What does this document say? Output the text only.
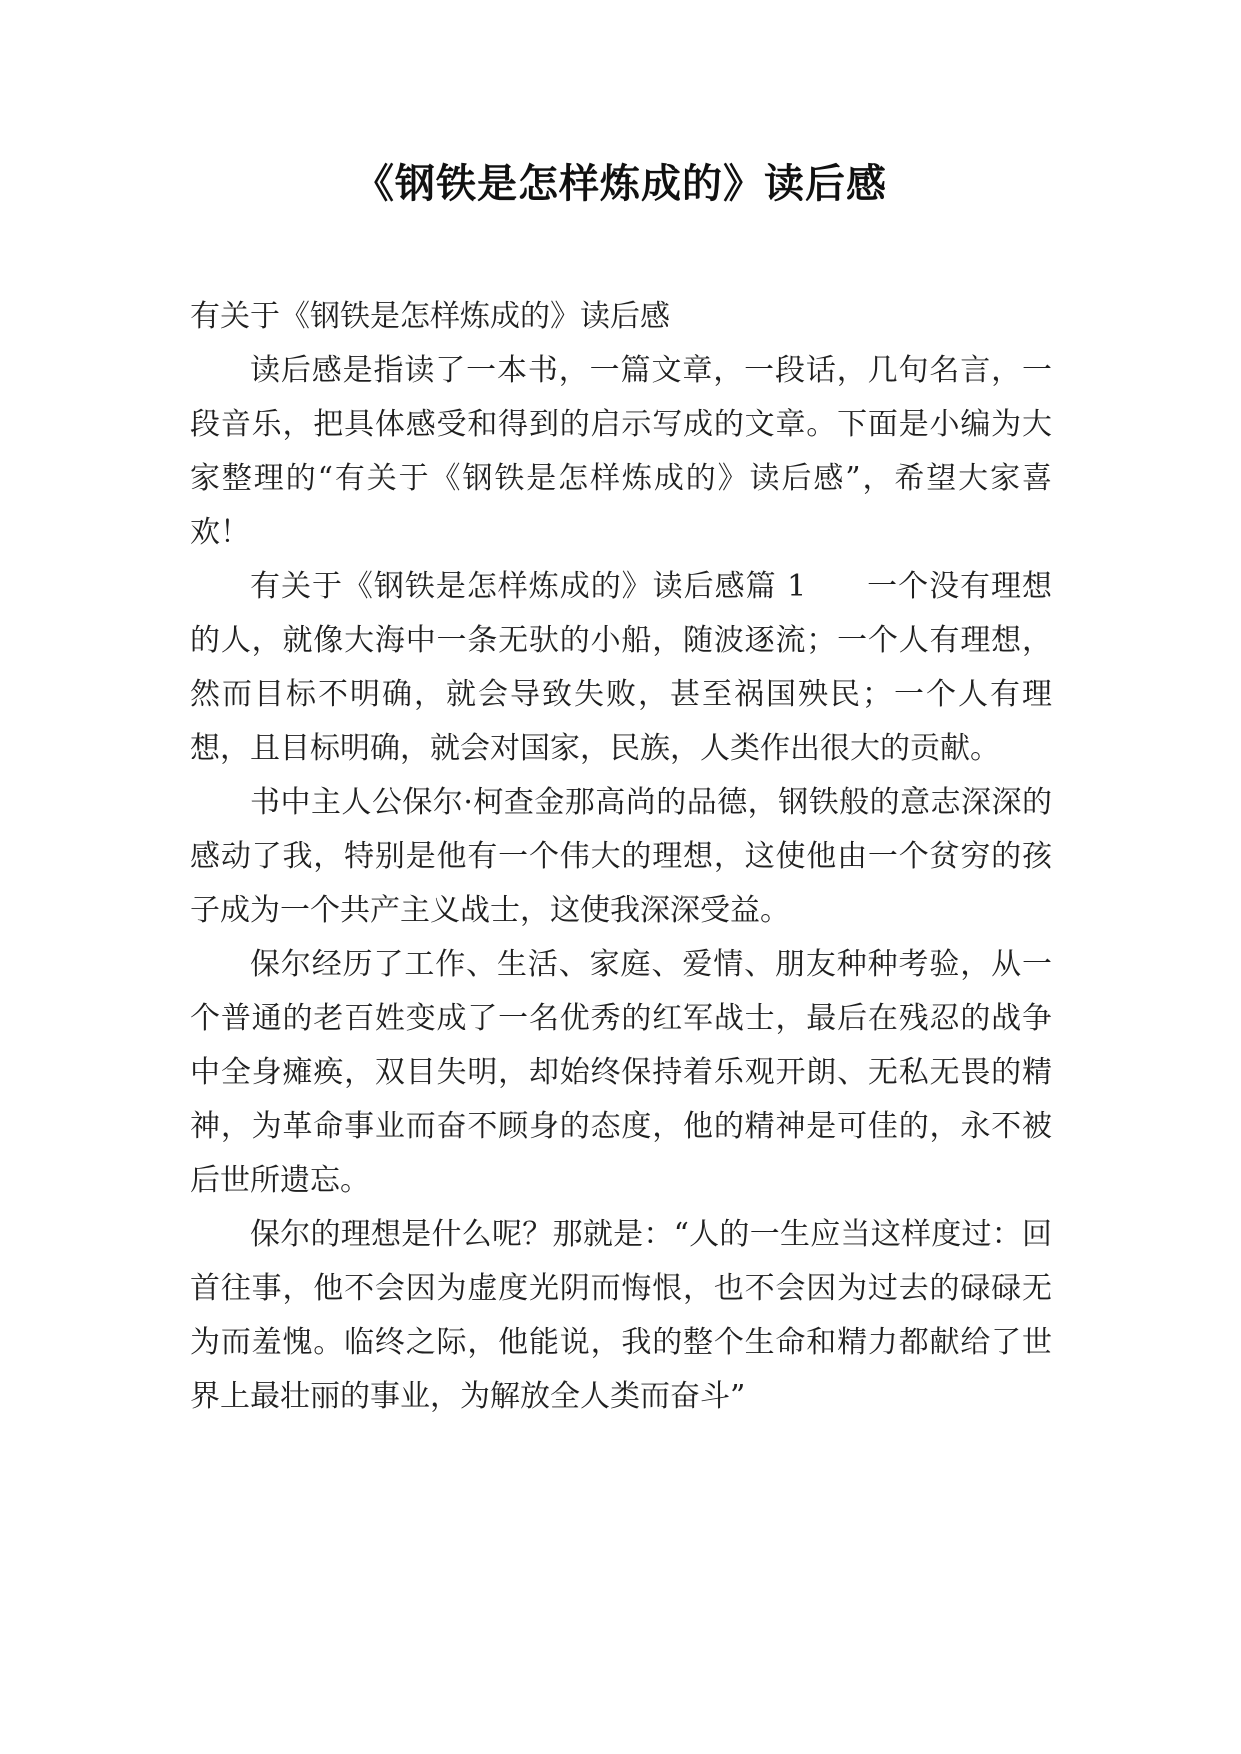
《钢铁是怎样炼成的》读后感

有关于《钢铁是怎样炼成的》读后感

读后感是指读了一本书，一篇文章，一段话，几句名言，一段音乐，把具体感受和得到的启示写成的文章。下面是小编为大家整理的“有关于《钢铁是怎样炼成的》读后感”，希望大家喜欢！

有关于《钢铁是怎样炼成的》读后感篇 1 一个没有理想的人，就像大海中一条无驮的小船，随波逐流；一个人有理想，然而目标不明确，就会导致失败，甚至祸国殃民；一个人有理想，且目标明确，就会对国家，民族，人类作出很大的贡献。

书中主人公保尔·柯查金那高尚的品德，钢铁般的意志深深的感动了我，特别是他有一个伟大的理想，这使他由一个贫穷的孩子成为一个共产主义战士，这使我深深受益。

保尔经历了工作、生活、家庭、爱情、朋友种种考验，从一个普通的老百姓变成了一名优秀的红军战士，最后在残忍的战争中全身瘫痪，双目失明，却始终保持着乐观开朗、无私无畏的精神，为革命事业而奋不顾身的态度，他的精神是可佳的，永不被后世所遗忘。

保尔的理想是什么呢？那就是：“人的一生应当这样度过：回首往事，他不会因为虚度光阴而悔恨，也不会因为过去的碌碌无为而羞愧。临终之际，他能说，我的整个生命和精力都献给了世界上最壮丽的事业，为解放全人类而奋斗”
